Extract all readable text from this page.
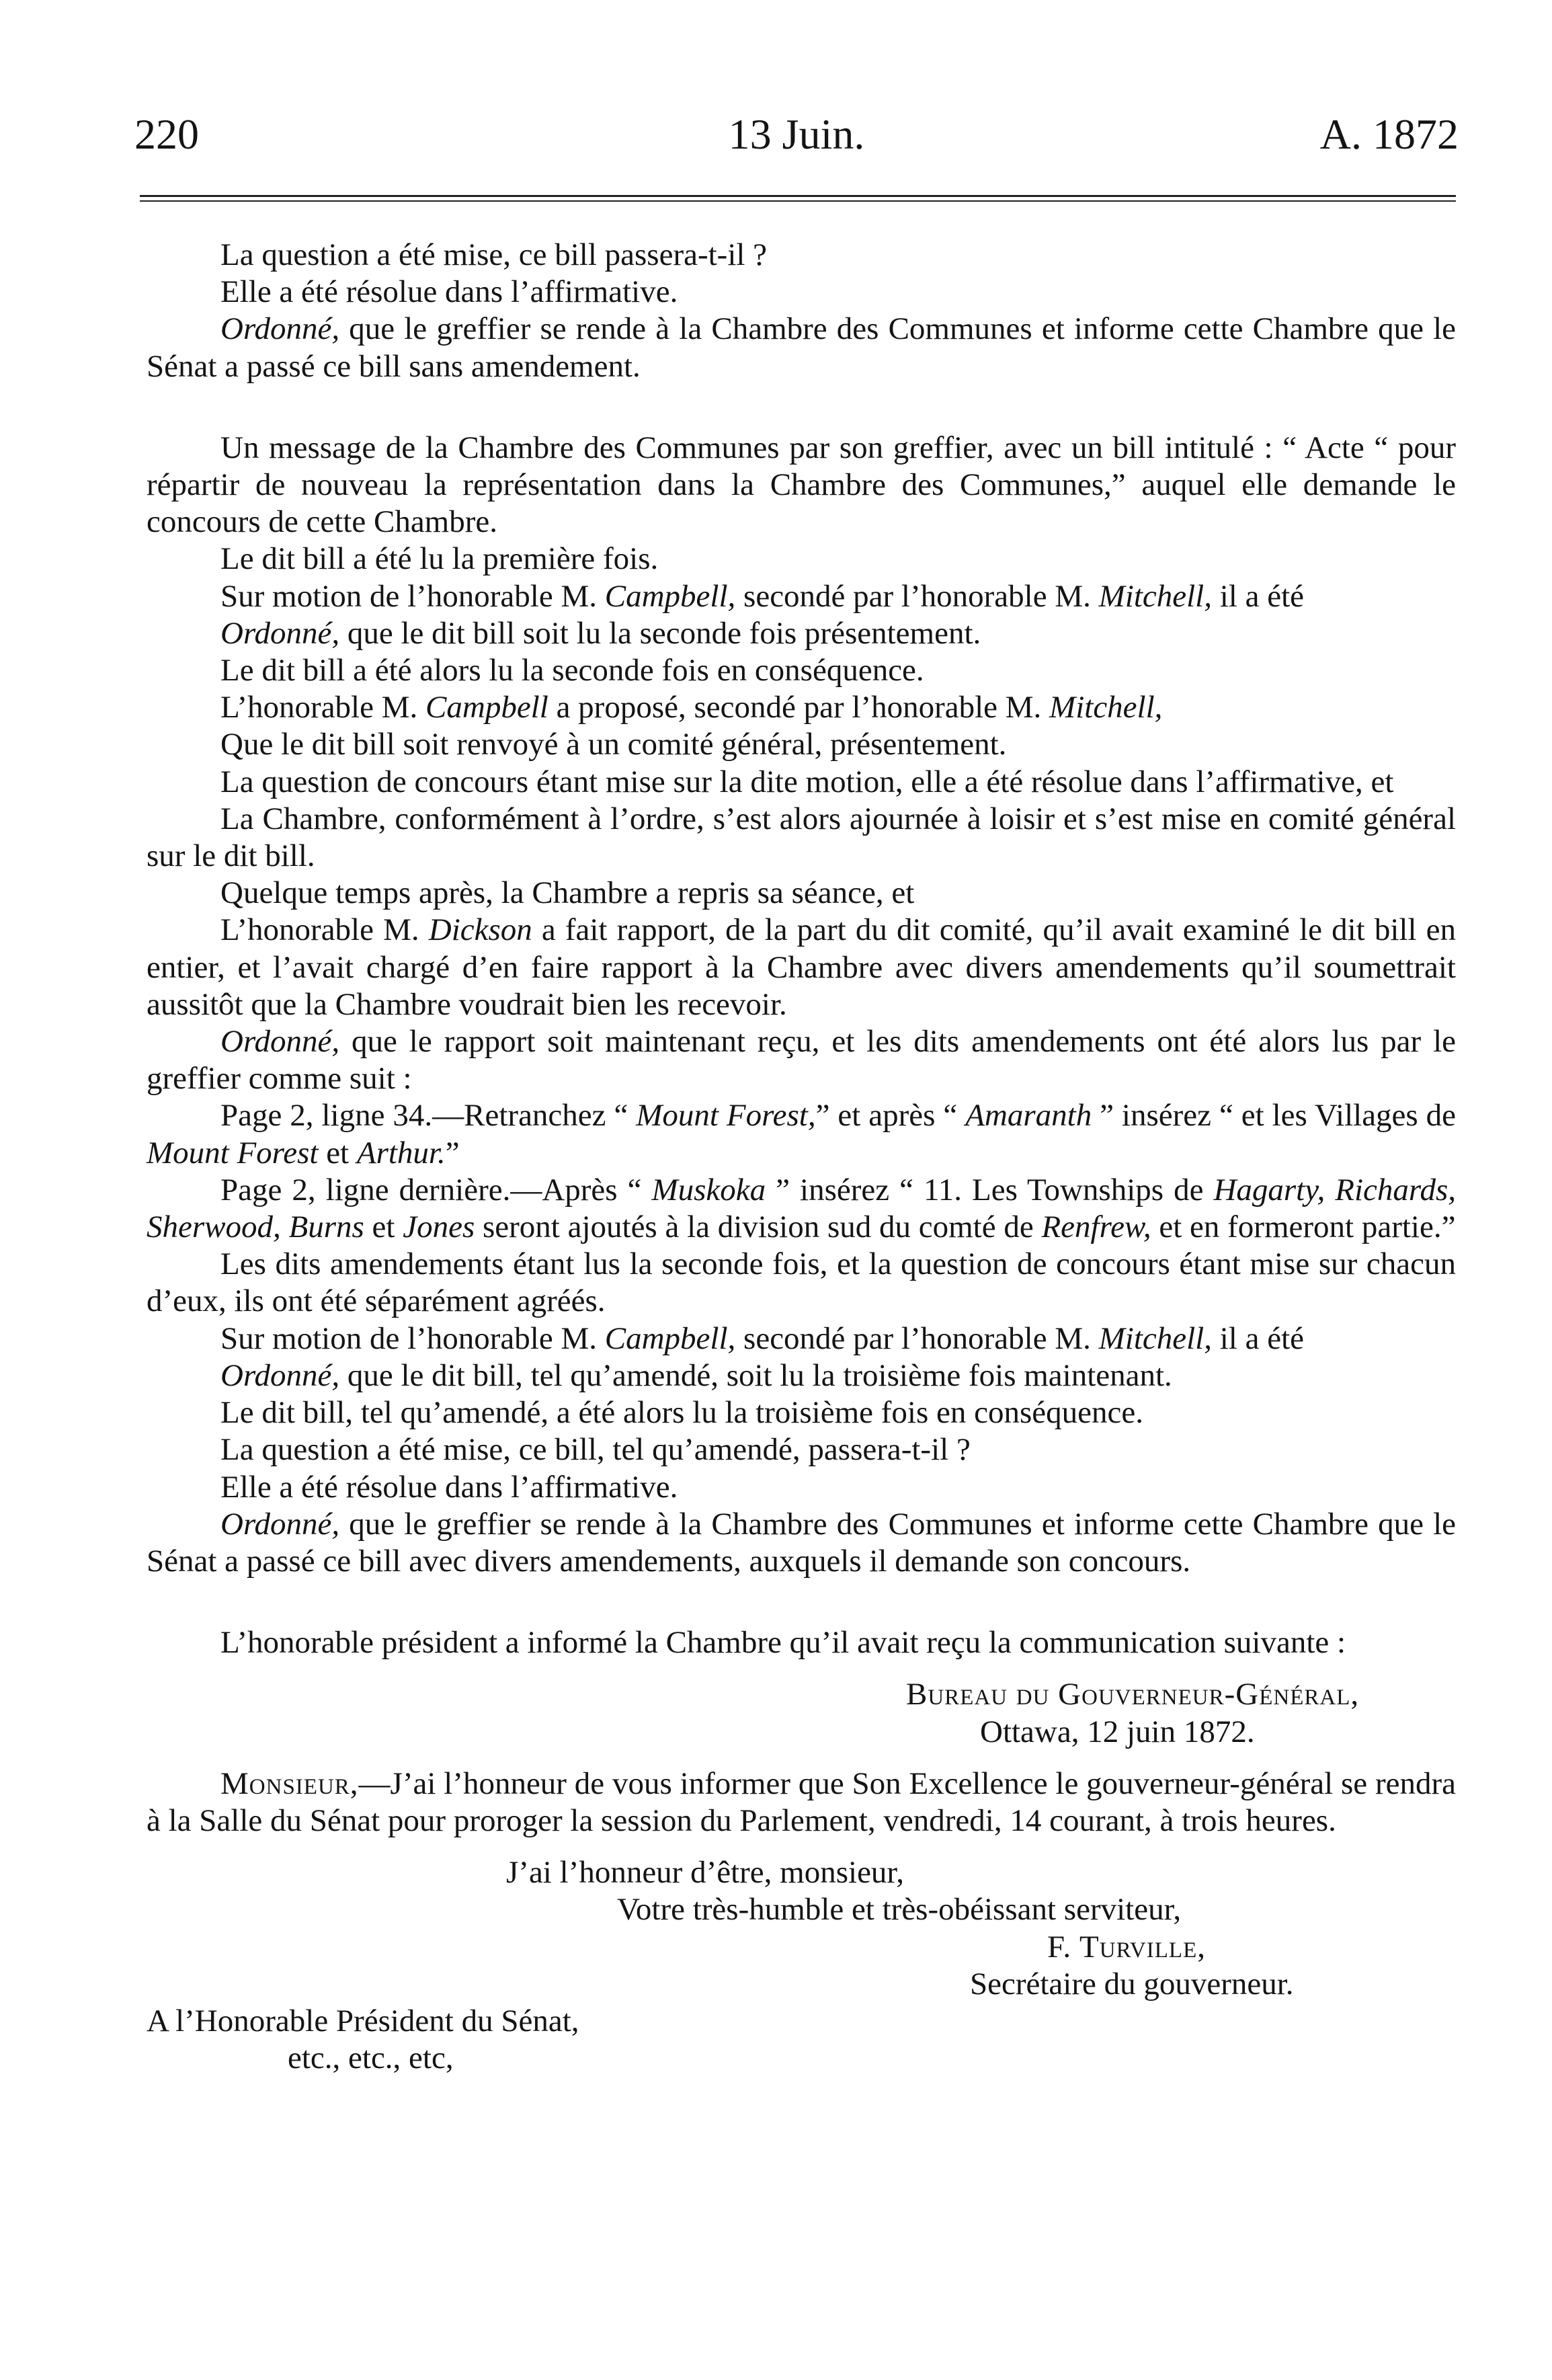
220	13 Juin.	A. 1872

La question a été mise, ce bill passera-t-il ?

Elle a été résolue dans l’affirmative.

Ordonné, que le greffier se rende à la Chambre des Communes et informe cette Chambre que le Sénat a passé ce bill sans amendement.

Un message de la Chambre des Communes par son greffier, avec un bill intitulé : “ Acte “ pour répartir de nouveau la représentation dans la Chambre des Communes,” auquel elle demande le concours de cette Chambre.

Le dit bill a été lu la première fois.

Sur motion de l’honorable M. Campbell, secondé par l’honorable M. Mitchell, il a été

Ordonné, que le dit bill soit lu la seconde fois présentement.

Le dit bill a été alors lu la seconde fois en conséquence.

L’honorable M. Campbell a proposé, secondé par l’honorable M. Mitchell,

Que le dit bill soit renvoyé à un comité général, présentement.

La question de concours étant mise sur la dite motion, elle a été résolue dans l’affirmative, et

La Chambre, conformément à l’ordre, s’est alors ajournée à loisir et s’est mise en comité général sur le dit bill.

Quelque temps après, la Chambre a repris sa séance, et

L’honorable M. Dickson a fait rapport, de la part du dit comité, qu’il avait examiné le dit bill en entier, et l’avait chargé d’en faire rapport à la Chambre avec divers amendements qu’il soumettrait aussitôt que la Chambre voudrait bien les recevoir.

Ordonné, que le rapport soit maintenant reçu, et les dits amendements ont été alors lus par le greffier comme suit :

Page 2, ligne 34.—Retranchez “ Mount Forest,” et après “ Amaranth ” insérez “ et les Villages de Mount Forest et Arthur.”

Page 2, ligne dernière.—Après “ Muskoka ” insérez “ 11. Les Townships de Hagarty, Richards, Sherwood, Burns et Jones seront ajoutés à la division sud du comté de Renfrew, et en formeront partie.”

Les dits amendements étant lus la seconde fois, et la question de concours étant mise sur chacun d’eux, ils ont été séparément agréés.

Sur motion de l’honorable M. Campbell, secondé par l’honorable M. Mitchell, il a été

Ordonné, que le dit bill, tel qu’amendé, soit lu la troisième fois maintenant.

Le dit bill, tel qu’amendé, a été alors lu la troisième fois en conséquence.

La question a été mise, ce bill, tel qu’amendé, passera-t-il ?

Elle a été résolue dans l’affirmative.

Ordonné, que le greffier se rende à la Chambre des Communes et informe cette Chambre que le Sénat a passé ce bill avec divers amendements, auxquels il demande son concours.

L’honorable président a informé la Chambre qu’il avait reçu la communication suivante :

Bureau du Gouverneur-Général,

Ottawa, 12 juin 1872.

Monsieur,—J’ai l’honneur de vous informer que Son Excellence le gouverneur-général se rendra à la Salle du Sénat pour proroger la session du Parlement, vendredi, 14 courant, à trois heures.

J’ai l’honneur d’être, monsieur,

Votre très-humble et très-obéissant serviteur,

F. Turville,

Secrétaire du gouverneur.

A l’Honorable Président du Sénat,

etc., etc., etc,
